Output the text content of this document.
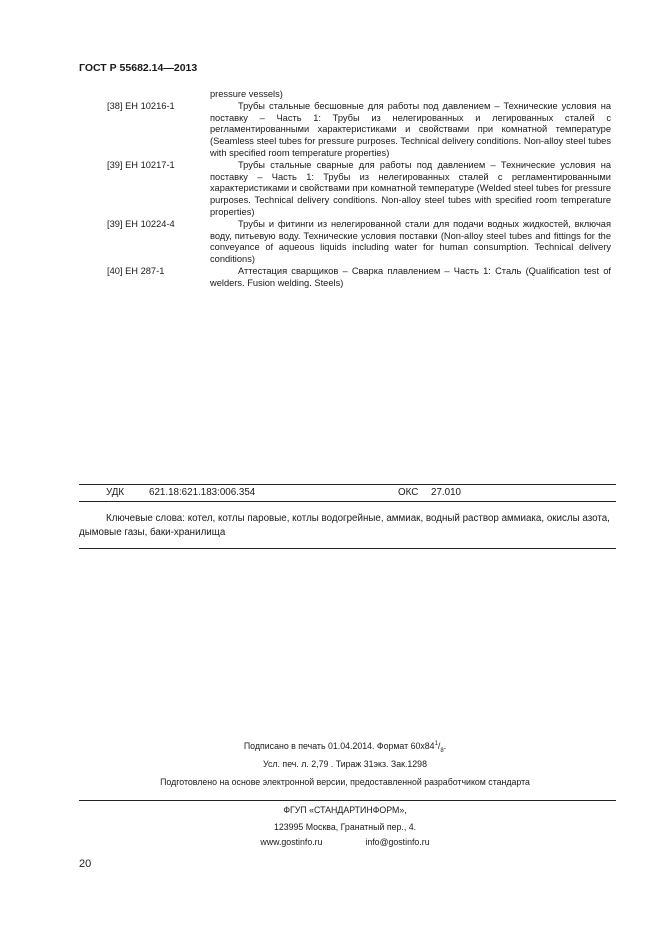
ГОСТ Р 55682.14—2013
pressure vessels)
[38] ЕН 10216-1	Трубы стальные бесшовные для работы под давлением – Технические условия на поставку – Часть 1: Трубы из нелегированных и легированных сталей с регламентированными характеристиками и свойствами при комнатной температуре (Seamless steel tubes for pressure purposes. Technical delivery conditions. Non-alloy steel tubes with specified room temperature properties)
[39] ЕН 10217-1	Трубы стальные сварные для работы под давлением – Технические условия на поставку – Часть 1: Трубы из нелегированных сталей с регламентированными характеристиками и свойствами при комнатной температуре (Welded steel tubes for pressure purposes. Technical delivery conditions. Non-alloy steel tubes with specified room temperature properties)
[39] ЕН 10224-4	Трубы и фитинги из нелегированной стали для подачи водных жидкостей, включая воду, питьевую воду. Технические условия поставки (Non-alloy steel tubes and fittings for the conveyance of aqueous liquids including water for human consumption. Technical delivery conditions)
[40] ЕН 287-1	Аттестация сварщиков – Сварка плавлением – Часть 1: Сталь (Qualification test of welders. Fusion welding. Steels)
УДК	621.18:621.183:006.354	ОКС 27.010
Ключевые слова: котел, котлы паровые, котлы водогрейные, аммиак, водный раствор аммиака, окислы азота, дымовые газы, баки-хранилища
Подписано в печать 01.04.2014. Формат $60x84^1/_8$.
Усл. печ. л. 2,79 . Тираж 31экз. Зак.1298
Подготовлено на основе электронной версии, предоставленной разработчиком стандарта
ФГУП «СТАНДАРТИНФОРМ»,
123995 Москва, Гранатный пер., 4.
www.gostinfo.ru	info@gostinfo.ru
20
